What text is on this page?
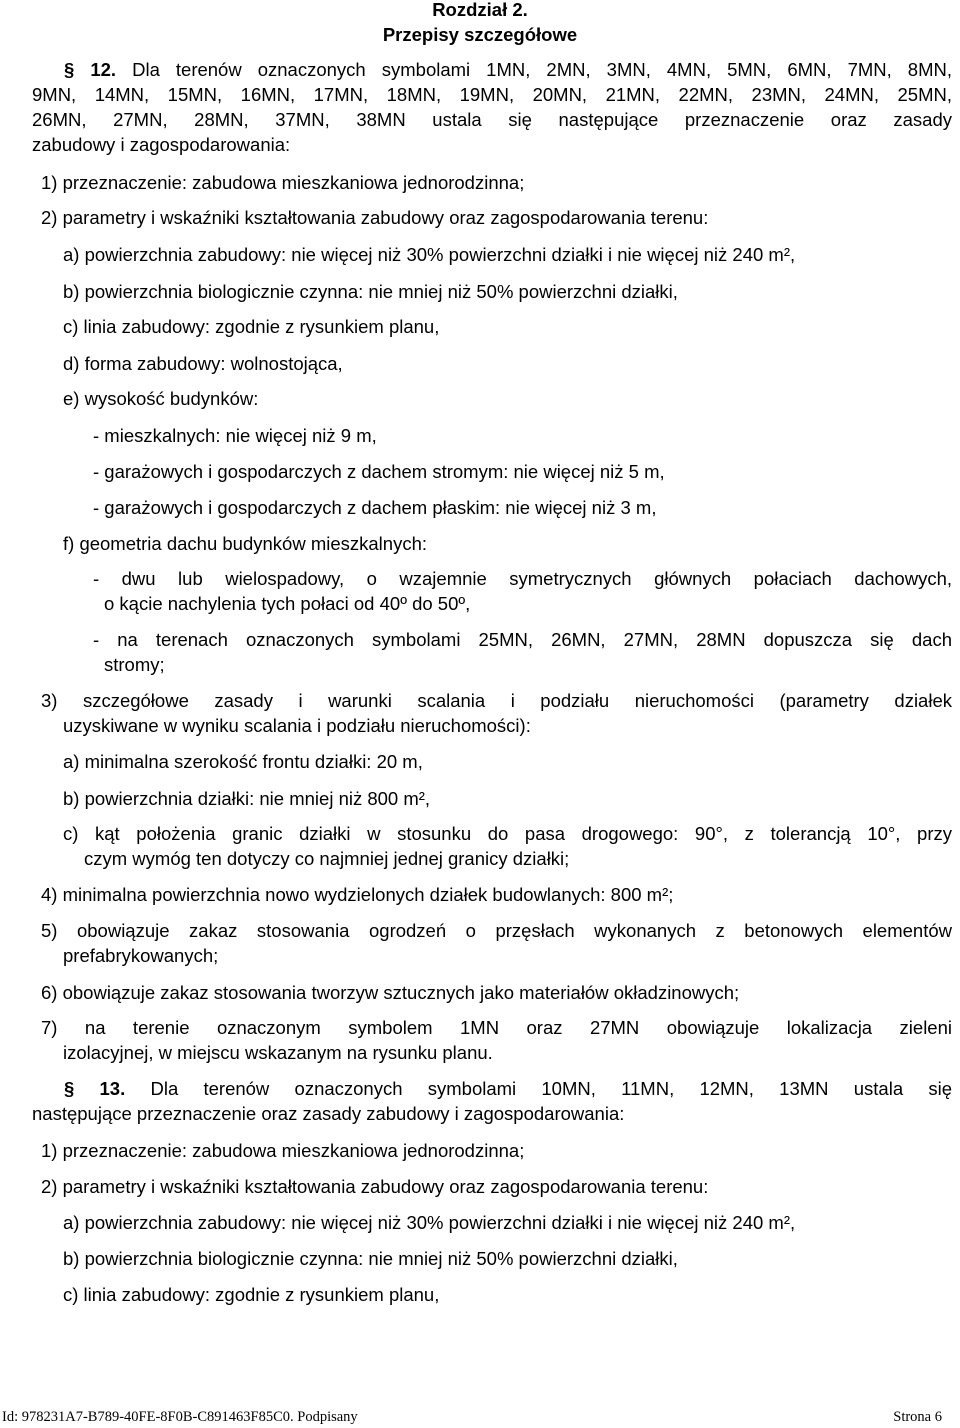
Rozdział 2.
Przepisy szczegółowe
§ 12. Dla terenów oznaczonych symbolami 1MN, 2MN, 3MN, 4MN, 5MN, 6MN, 7MN, 8MN,
9MN, 14MN, 15MN, 16MN, 17MN, 18MN, 19MN, 20MN, 21MN, 22MN, 23MN, 24MN, 25MN,
26MN, 27MN, 28MN, 37MN, 38MN ustala się następujące przeznaczenie oraz zasady
zabudowy i zagospodarowania:
1) przeznaczenie: zabudowa mieszkaniowa jednorodzinna;
2) parametry i wskaźniki kształtowania zabudowy oraz zagospodarowania terenu:
a) powierzchnia zabudowy: nie więcej niż 30% powierzchni działki i nie więcej niż 240 m²,
b) powierzchnia biologicznie czynna: nie mniej niż 50% powierzchni działki,
c) linia zabudowy: zgodnie z rysunkiem planu,
d) forma zabudowy: wolnostojąca,
e) wysokość budynków:
- mieszkalnych: nie więcej niż 9 m,
- garażowych i gospodarczych z dachem stromym: nie więcej niż 5 m,
- garażowych i gospodarczych z dachem płaskim: nie więcej niż 3 m,
f) geometria dachu budynków mieszkalnych:
- dwu lub wielospadowy, o wzajemnie symetrycznych głównych połaciach dachowych,
o kącie nachylenia tych połaci od 40º do 50º,
- na terenach oznaczonych symbolami 25MN, 26MN, 27MN, 28MN dopuszcza się dach
stromy;
3) szczegółowe zasady i warunki scalania i podziału nieruchomości (parametry działek
uzyskiwane w wyniku scalania i podziału nieruchomości):
a) minimalna szerokość frontu działki: 20 m,
b) powierzchnia działki: nie mniej niż 800 m²,
c) kąt położenia granic działki w stosunku do pasa drogowego: 90°, z tolerancją 10°, przy
czym wymóg ten dotyczy co najmniej jednej granicy działki;
4) minimalna powierzchnia nowo wydzielonych działek budowlanych: 800 m²;
5) obowiązuje zakaz stosowania ogrodzeń o przęsłach wykonanych z betonowych elementów
prefabrykowanych;
6) obowiązuje zakaz stosowania tworzyw sztucznych jako materiałów okładzinowych;
7) na terenie oznaczonym symbolem 1MN oraz 27MN obowiązuje lokalizacja zieleni
izolacyjnej, w miejscu wskazanym na rysunku planu.
§ 13. Dla terenów oznaczonych symbolami 10MN, 11MN, 12MN, 13MN ustala się
następujące przeznaczenie oraz zasady zabudowy i zagospodarowania:
1) przeznaczenie: zabudowa mieszkaniowa jednorodzinna;
2) parametry i wskaźniki kształtowania zabudowy oraz zagospodarowania terenu:
a) powierzchnia zabudowy: nie więcej niż 30% powierzchni działki i nie więcej niż 240 m²,
b) powierzchnia biologicznie czynna: nie mniej niż 50% powierzchni działki,
c) linia zabudowy: zgodnie z rysunkiem planu,
Id: 978231A7-B789-40FE-8F0B-C891463F85C0. Podpisany	Strona 6
